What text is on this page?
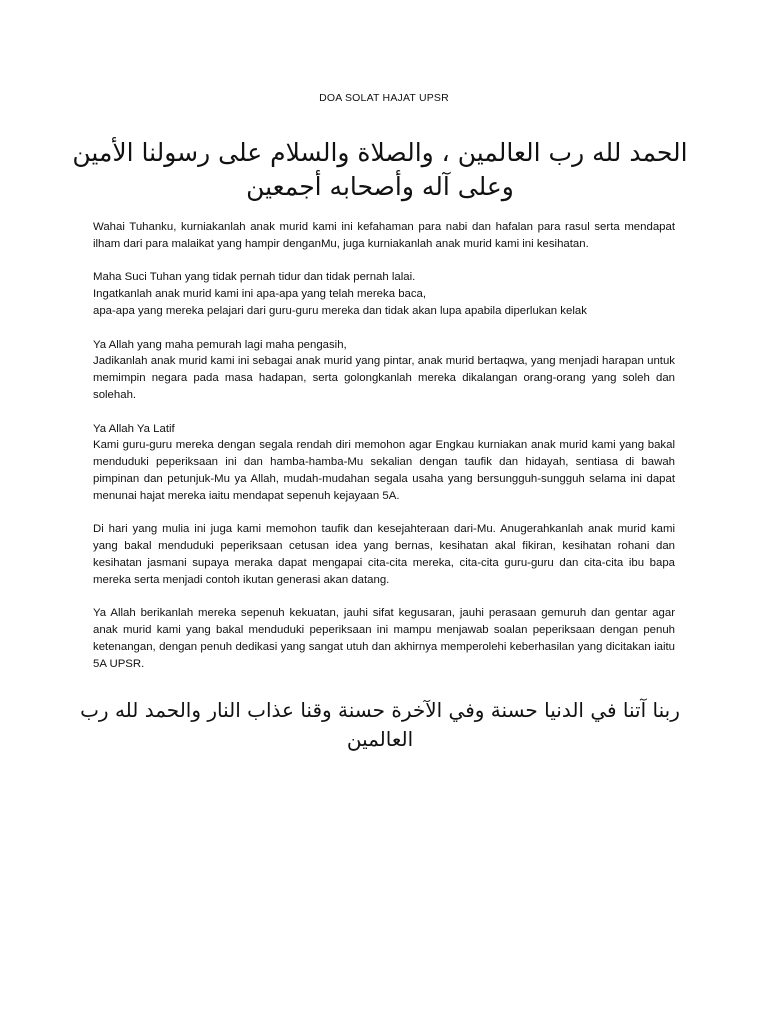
DOA SOLAT HAJAT UPSR
الحمد لله رب العالمين ، والصلاة والسلام على رسولنا الأمين وعلى آله وأصحابه أجمعين

Wahai Tuhanku, kurniakanlah anak murid kami ini kefahaman para nabi dan hafalan para rasul serta mendapat ilham dari para malaikat yang hampir denganMu, juga kurniakanlah anak murid kami ini kesihatan.

Maha Suci Tuhan yang tidak pernah tidur dan tidak pernah lalai.
Ingatkanlah anak murid kami ini apa-apa yang telah mereka baca,
apa-apa yang mereka pelajari dari guru-guru mereka dan tidak akan lupa apabila diperlukan kelak

Ya Allah yang maha pemurah lagi maha pengasih,
Jadikanlah anak murid kami ini sebagai anak murid yang pintar, anak murid bertaqwa, yang menjadi harapan untuk memimpin negara pada masa hadapan, serta golongkanlah mereka dikalangan orang-orang yang soleh dan solehah.

Ya Allah Ya Latif
Kami guru-guru mereka dengan segala rendah diri memohon agar Engkau kurniakan anak murid kami yang bakal menduduki peperiksaan ini dan hamba-hamba-Mu sekalian dengan taufik dan hidayah, sentiasa di bawah pimpinan dan petunjuk-Mu ya Allah, mudah-mudahan segala usaha yang bersungguh-sungguh selama ini dapat menunai hajat mereka iaitu mendapat sepenuh kejayaan 5A.

Di hari yang mulia ini juga kami memohon taufik dan kesejahteraan dari-Mu. Anugerahkanlah anak murid kami yang bakal menduduki peperiksaan cetusan idea yang bernas, kesihatan akal fikiran, kesihatan rohani dan kesihatan jasmani supaya meraka dapat mengapai cita-cita mereka, cita-cita guru-guru dan cita-cita ibu bapa mereka serta menjadi contoh ikutan generasi akan datang.

Ya Allah berikanlah mereka sepenuh kekuatan, jauhi sifat kegusaran, jauhi perasaan gemuruh dan gentar agar anak murid kami yang bakal menduduki peperiksaan ini mampu menjawab soalan peperiksaan dengan penuh ketenangan, dengan penuh dedikasi yang sangat utuh dan akhirnya memperolehi keberhasilan yang dicitakan iaitu 5A UPSR.

ربنا آتنا في الدنيا حسنة وفي الآخرة حسنة وقنا عذاب النار والحمد لله رب العالمين
